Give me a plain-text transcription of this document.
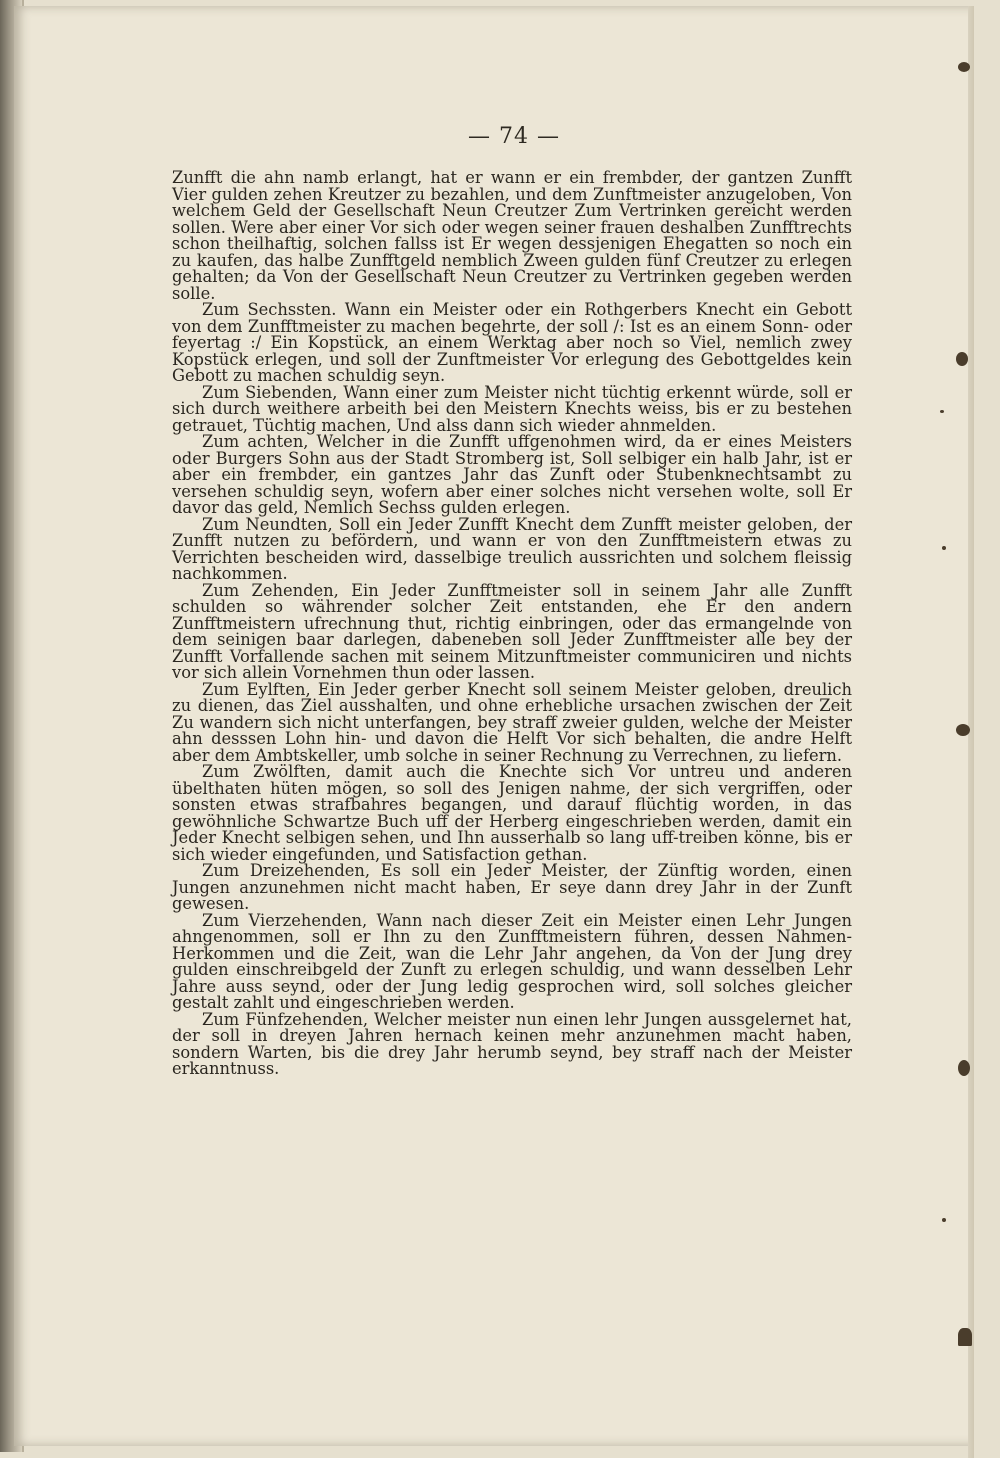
— 74 —

Zunfft die ahn namb erlangt, hat er wann er ein frembder, der gantzen Zunfft Vier gulden zehen Kreutzer zu bezahlen, und dem Zunftmeister anzugeloben, Von welchem Geld der Gesellschaft Neun Creutzer Zum Vertrinken gereicht werden sollen. Were aber einer Vor sich oder wegen seiner frauen deshalben Zunfftrechts schon theilhaftig, solchen fallss ist Er wegen dessjenigen Ehegatten so noch ein zu kaufen, das halbe Zunfftgeld nemblich Zween gulden fünf Creutzer zu erlegen gehalten; da Von der Gesellschaft Neun Creutzer zu Vertrinken gegeben werden solle.

Zum Sechssten. Wann ein Meister oder ein Rothgerbers Knecht ein Gebott von dem Zunfftmeister zu machen begehrte, der soll /: Ist es an einem Sonn- oder feyertag :/ Ein Kopstück, an einem Werktag aber noch so Viel, nemlich zwey Kopstück erlegen, und soll der Zunftmeister Vor erlegung des Gebottgeldes kein Gebott zu machen schuldig seyn.

Zum Siebenden, Wann einer zum Meister nicht tüchtig erkennt würde, soll er sich durch weithere arbeith bei den Meistern Knechts weiss, bis er zu bestehen getrauet, Tüchtig machen, Und alss dann sich wieder ahnmelden.

Zum achten, Welcher in die Zunfft uffgenohmen wird, da er eines Meisters oder Burgers Sohn aus der Stadt Stromberg ist, Soll selbiger ein halb Jahr, ist er aber ein frembder, ein gantzes Jahr das Zunft oder Stubenknechtsambt zu versehen schuldig seyn, wofern aber einer solches nicht versehen wolte, soll Er davor das geld, Nemlich Sechss gulden erlegen.

Zum Neundten, Soll ein Jeder Zunfft Knecht dem Zunfft meister geloben, der Zunfft nutzen zu befördern, und wann er von den Zunfftmeistern etwas zu Verrichten bescheiden wird, dasselbige treulich aussrichten und solchem fleissig nachkommen.

Zum Zehenden, Ein Jeder Zunfftmeister soll in seinem Jahr alle Zunfft schulden so währender solcher Zeit entstanden, ehe Er den andern Zunfftmeistern ufrechnung thut, richtig einbringen, oder das ermangelnde von dem seinigen baar darlegen, dabeneben soll Jeder Zunfftmeister alle bey der Zunfft Vorfallende sachen mit seinem Mitzunftmeister communiciren und nichts vor sich allein Vornehmen thun oder lassen.

Zum Eylften, Ein Jeder gerber Knecht soll seinem Meister geloben, dreulich zu dienen, das Ziel ausshalten, und ohne erhebliche ursachen zwischen der Zeit Zu wandern sich nicht unterfangen, bey straff zweier gulden, welche der Meister ahn desssen Lohn hin- und davon die Helft Vor sich behalten, die andre Helft aber dem Ambtskeller, umb solche in seiner Rechnung zu Verrechnen, zu liefern.

Zum Zwölften, damit auch die Knechte sich Vor untreu und anderen übelthaten hüten mögen, so soll des Jenigen nahme, der sich vergriffen, oder sonsten etwas strafbahres begangen, und darauf flüchtig worden, in das gewöhnliche Schwartze Buch uff der Herberg eingeschrieben werden, damit ein Jeder Knecht selbigen sehen, und Ihn ausserhalb so lang uff-treiben könne, bis er sich wieder eingefunden, und Satisfaction gethan.

Zum Dreizehenden, Es soll ein Jeder Meister, der Zünftig worden, einen Jungen anzunehmen nicht macht haben, Er seye dann drey Jahr in der Zunft gewesen.

Zum Vierzehenden, Wann nach dieser Zeit ein Meister einen Lehr Jungen ahngenommen, soll er Ihn zu den Zunfftmeistern führen, dessen Nahmen-Herkommen und die Zeit, wan die Lehr Jahr angehen, da Von der Jung drey gulden einschreibgeld der Zunft zu erlegen schuldig, und wann desselben Lehr Jahre auss seynd, oder der Jung ledig gesprochen wird, soll solches gleicher gestalt zahlt und eingeschrieben werden.

Zum Fünfzehenden, Welcher meister nun einen lehr Jungen aussgelernet hat, der soll in dreyen Jahren hernach keinen mehr anzunehmen macht haben, sondern Warten, bis die drey Jahr herumb seynd, bey straff nach der Meister erkanntnuss.
